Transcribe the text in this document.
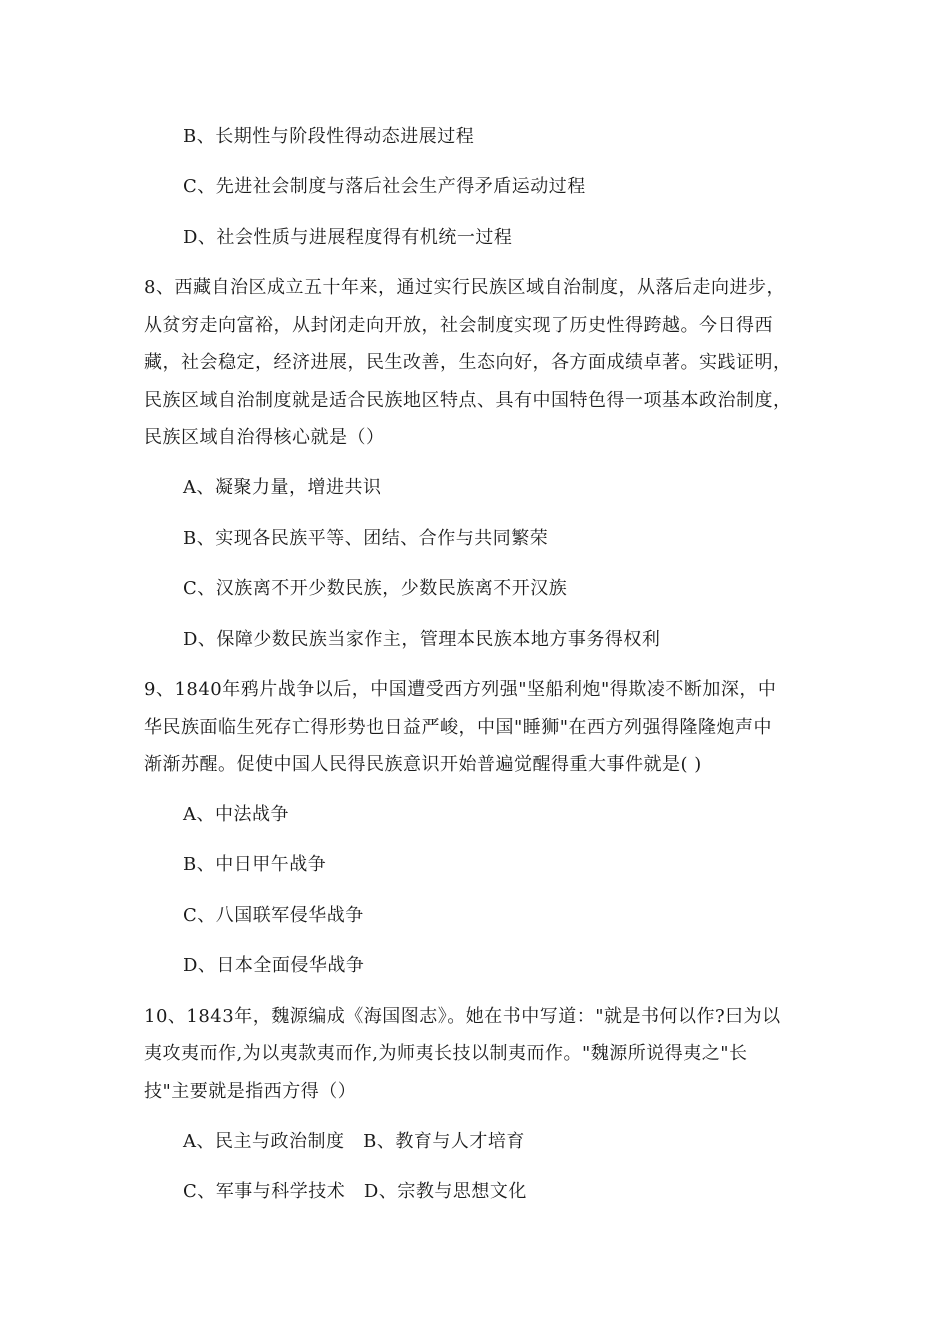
B、长期性与阶段性得动态进展过程
C、先进社会制度与落后社会生产得矛盾运动过程
D、社会性质与进展程度得有机统一过程
8、西藏自治区成立五十年来，通过实行民族区域自治制度，从落后走向进步，
从贫穷走向富裕，从封闭走向开放，社会制度实现了历史性得跨越。今日得西
藏，社会稳定，经济进展，民生改善，生态向好，各方面成绩卓著。实践证明，
民族区域自治制度就是适合民族地区特点、具有中国特色得一项基本政治制度，
民族区域自治得核心就是（）
A、凝聚力量，增进共识
B、实现各民族平等、团结、合作与共同繁荣
C、汉族离不开少数民族，少数民族离不开汉族
D、保障少数民族当家作主，管理本民族本地方事务得权利
9、1840年鸦片战争以后，中国遭受西方列强"坚船利炮"得欺凌不断加深，中
华民族面临生死存亡得形势也日益严峻，中国"睡狮"在西方列强得隆隆炮声中
渐渐苏醒。促使中国人民得民族意识开始普遍觉醒得重大事件就是( )
A、中法战争
B、中日甲午战争
C、八国联军侵华战争
D、日本全面侵华战争
10、1843年，魏源编成《海国图志》。她在书中写道："就是书何以作?曰为以
夷攻夷而作,为以夷款夷而作,为师夷长技以制夷而作。"魏源所说得夷之"长
技"主要就是指西方得（）
A、民主与政治制度   B、教育与人才培育
C、军事与科学技术   D、宗教与思想文化
